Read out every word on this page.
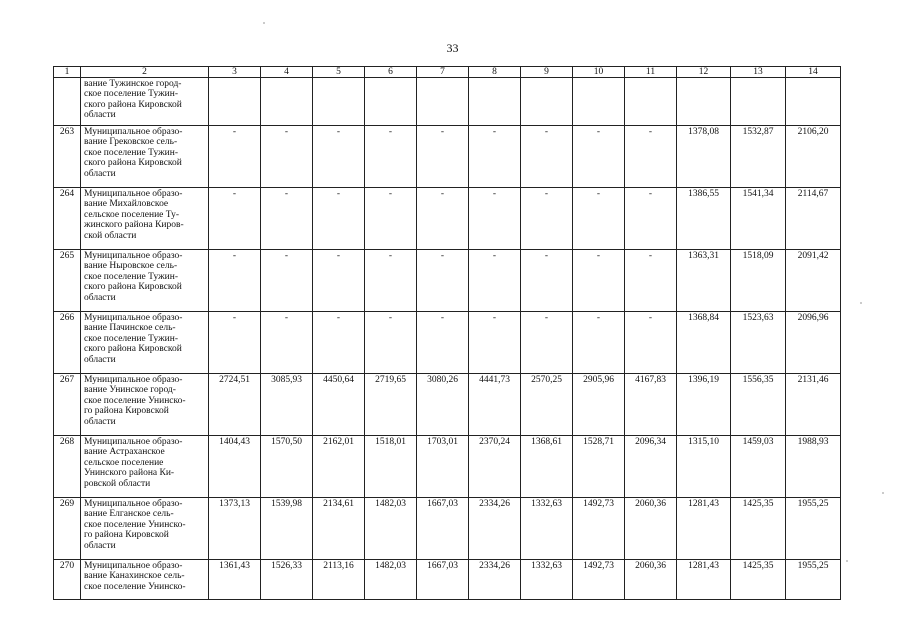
33
1	2	3	4	5	6	7	8	9	10	11	12	13	14
	вание Тужинское город-
ское поселение Тужин-
ского района Кировской
области												
263	Муниципальное образо-
вание Грековское сель-
ское поселение Тужин-
ского района Кировской
области	-	-	-	-	-	-	-	-	-	1378,08	1532,87	2106,20
264	Муниципальное образо-
вание Михайловское
сельское поселение Ту-
жинского района Киров-
ской области	-	-	-	-	-	-	-	-	-	1386,55	1541,34	2114,67
265	Муниципальное образо-
вание Ныровское сель-
ское поселение Тужин-
ского района Кировской
области	-	-	-	-	-	-	-	-	-	1363,31	1518,09	2091,42
266	Муниципальное образо-
вание Пачинское сель-
ское поселение Тужин-
ского района Кировской
области	-	-	-	-	-	-	-	-	-	1368,84	1523,63	2096,96
267	Муниципальное образо-
вание Унинское город-
ское поселение Унинско-
го района Кировской
области	2724,51	3085,93	4450,64	2719,65	3080,26	4441,73	2570,25	2905,96	4167,83	1396,19	1556,35	2131,46
268	Муниципальное образо-
вание Астраханское
сельское поселение
Унинского района Ки-
ровской области	1404,43	1570,50	2162,01	1518,01	1703,01	2370,24	1368,61	1528,71	2096,34	1315,10	1459,03	1988,93
269	Муниципальное образо-
вание Елганское сель-
ское поселение Унинско-
го района Кировской
области	1373,13	1539,98	2134,61	1482,03	1667,03	2334,26	1332,63	1492,73	2060,36	1281,43	1425,35	1955,25
270	Муниципальное образо-
вание Канахинское сель-
ское поселение Унинско-	1361,43	1526,33	2113,16	1482,03	1667,03	2334,26	1332,63	1492,73	2060,36	1281,43	1425,35	1955,25
